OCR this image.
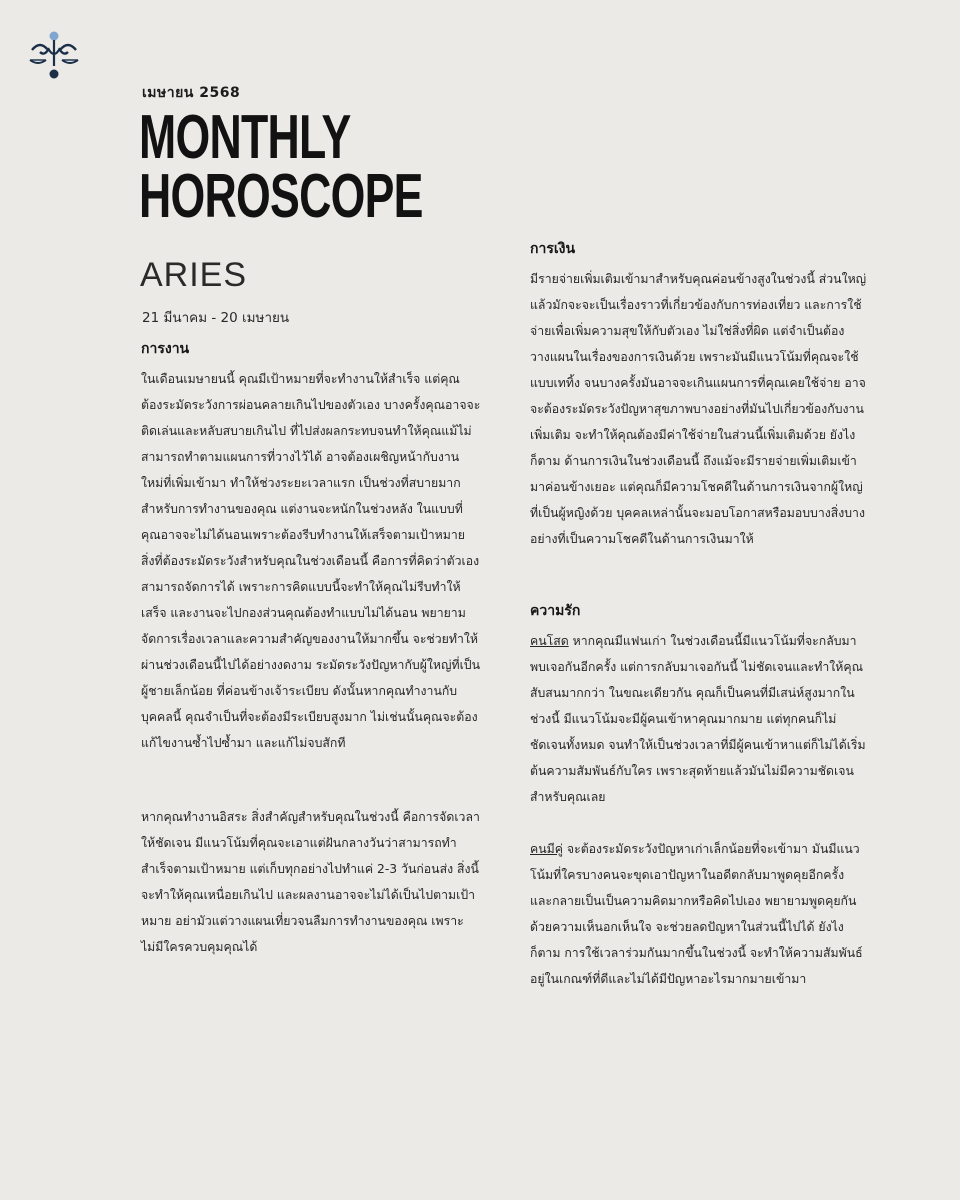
เมษายน 2568

MONTHLY
HOROSCOPE
ARIES

21 มีนาคม - 20 เมษายน

การงาน

ในเดือนเมษายนนี้ คุณมีเป้าหมายที่จะทำงานให้สำเร็จ แต่คุณต้องระมัดระวังการผ่อนคลายเกินไปของตัวเอง บางครั้งคุณอาจจะติดเล่นและหลับสบายเกินไป ที่ไปส่งผลกระทบจนทำให้คุณแม้ไม่สามารถทำตามแผนการที่วางไว้ได้ อาจต้องเผชิญหน้ากับงานใหม่ที่เพิ่มเข้ามา ทำให้ช่วงระยะเวลาแรก เป็นช่วงที่สบายมากสำหรับการทำงานของคุณ แต่งานจะหนักในช่วงหลัง ในแบบที่คุณอาจจะไม่ได้นอนเพราะต้องรีบทำงานให้เสร็จตามเป้าหมาย สิ่งที่ต้องระมัดระวังสำหรับคุณในช่วงเดือนนี้ คือการที่คิดว่าตัวเองสามารถจัดการได้ เพราะการคิดแบบนี้จะทำให้คุณไม่รีบทำให้เสร็จ และงานจะไปกองส่วนคุณต้องทำแบบไม่ได้นอน พยายามจัดการเรื่องเวลาและความสำคัญของงานให้มากขึ้น จะช่วยทำให้ผ่านช่วงเดือนนี้ไปได้อย่างงดงาม ระมัดระวังปัญหากับผู้ใหญ่ที่เป็นผู้ชายเล็กน้อย ที่ค่อนข้างเจ้าระเบียบ ดังนั้นหากคุณทำงานกับบุคคลนี้ คุณจำเป็นที่จะต้องมีระเบียบสูงมาก ไม่เช่นนั้นคุณจะต้องแก้ไขงานซ้ำไปซ้ำมา และแก้ไม่จบสักที

หากคุณทำงานอิสระ สิ่งสำคัญสำหรับคุณในช่วงนี้ คือการจัดเวลาให้ชัดเจน มีแนวโน้มที่คุณจะเอาแต่ฝันกลางวันว่าสามารถทำสำเร็จตามเป้าหมาย แต่เก็บทุกอย่างไปทำแค่ 2-3 วันก่อนส่ง สิ่งนี้จะทำให้คุณเหนื่อยเกินไป และผลงานอาจจะไม่ได้เป็นไปตามเป้าหมาย อย่ามัวแต่วางแผนเที่ยวจนลืมการทำงานของคุณ เพราะไม่มีใครควบคุมคุณได้

การเงิน

มีรายจ่ายเพิ่มเติมเข้ามาสำหรับคุณค่อนข้างสูงในช่วงนี้ ส่วนใหญ่แล้วมักจะจะเป็นเรื่องราวที่เกี่ยวข้องกับการท่องเที่ยว และการใช้จ่ายเพื่อเพิ่มความสุขให้กับตัวเอง ไม่ใช่สิ่งที่ผิด แต่จำเป็นต้องวางแผนในเรื่องของการเงินด้วย เพราะมันมีแนวโน้มที่คุณจะใช้แบบเททิ้ง จนบางครั้งมันอาจจะเกินแผนการที่คุณเคยใช้จ่าย อาจจะต้องระมัดระวังปัญหาสุขภาพบางอย่างที่มันไปเกี่ยวข้องกับงานเพิ่มเติม จะทำให้คุณต้องมีค่าใช้จ่ายในส่วนนี้เพิ่มเติมด้วย ยังไงก็ตาม ด้านการเงินในช่วงเดือนนี้ ถึงแม้จะมีรายจ่ายเพิ่มเติมเข้ามาค่อนข้างเยอะ แต่คุณก็มีความโชคดีในด้านการเงินจากผู้ใหญ่ที่เป็นผู้หญิงด้วย บุคคลเหล่านั้นจะมอบโอกาสหรือมอบบางสิ่งบางอย่างที่เป็นความโชคดีในด้านการเงินมาให้

ความรัก

คนโสด หากคุณมีแฟนเก่า ในช่วงเดือนนี้มีแนวโน้มที่จะกลับมาพบเจอกันอีกครั้ง แต่การกลับมาเจอกันนี้ ไม่ชัดเจนและทำให้คุณสับสนมากกว่า ในขณะเดียวกัน คุณก็เป็นคนที่มีเสน่ห์สูงมากในช่วงนี้ มีแนวโน้มจะมีผู้คนเข้าหาคุณมากมาย แต่ทุกคนก็ไม่ชัดเจนทั้งหมด จนทำให้เป็นช่วงเวลาที่มีผู้คนเข้าหาแต่ก็ไม่ได้เริ่มต้นความสัมพันธ์กับใคร เพราะสุดท้ายแล้วมันไม่มีความชัดเจนสำหรับคุณเลย

คนมีคู่ จะต้องระมัดระวังปัญหาเก่าเล็กน้อยที่จะเข้ามา มันมีแนวโน้มที่ใครบางคนจะขุดเอาปัญหาในอดีตกลับมาพูดคุยอีกครั้ง และกลายเป็นเป็นความคิดมากหรือคิดไปเอง พยายามพูดคุยกันด้วยความเห็นอกเห็นใจ จะช่วยลดปัญหาในส่วนนี้ไปได้ ยังไงก็ตาม การใช้เวลาร่วมกันมากขึ้นในช่วงนี้ จะทำให้ความสัมพันธ์อยู่ในเกณฑ์ที่ดีและไม่ได้มีปัญหาอะไรมากมายเข้ามา
